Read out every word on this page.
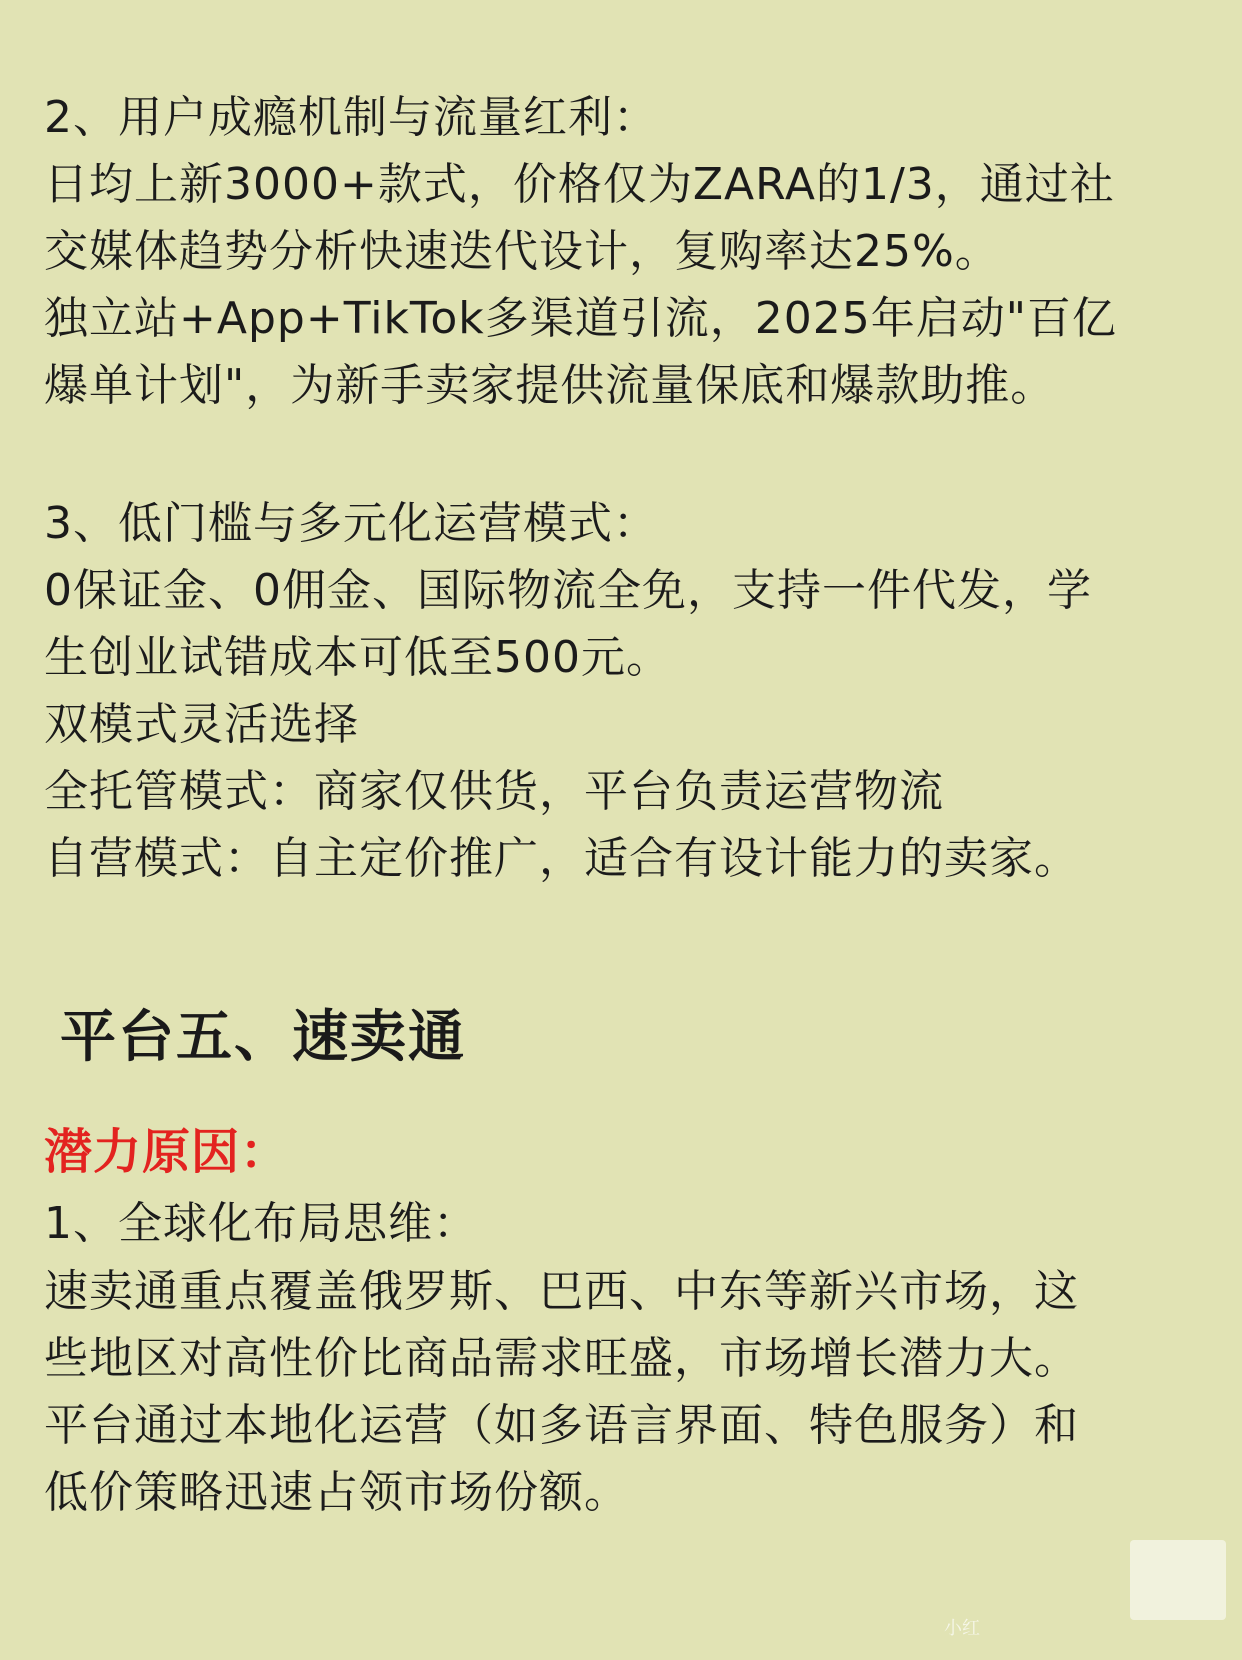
2、用户成瘾机制与流量红利：
日均上新3000+款式，价格仅为ZARA的1/3，通过社
交媒体趋势分析快速迭代设计，复购率达25%。
独立站+App+TikTok多渠道引流，2025年启动"百亿
爆单计划"，为新手卖家提供流量保底和爆款助推。
3、低门槛与多元化运营模式：
0保证金、0佣金、国际物流全免，支持一件代发，学
生创业试错成本可低至500元。
双模式灵活选择
全托管模式：商家仅供货，平台负责运营物流
自营模式：自主定价推广，适合有设计能力的卖家。
平台五、速卖通
潜力原因：
1、全球化布局思维：
速卖通重点覆盖俄罗斯、巴西、中东等新兴市场，这
些地区对高性价比商品需求旺盛，市场增长潜力大。
平台通过本地化运营（如多语言界面、特色服务）和
低价策略迅速占领市场份额。
小红
